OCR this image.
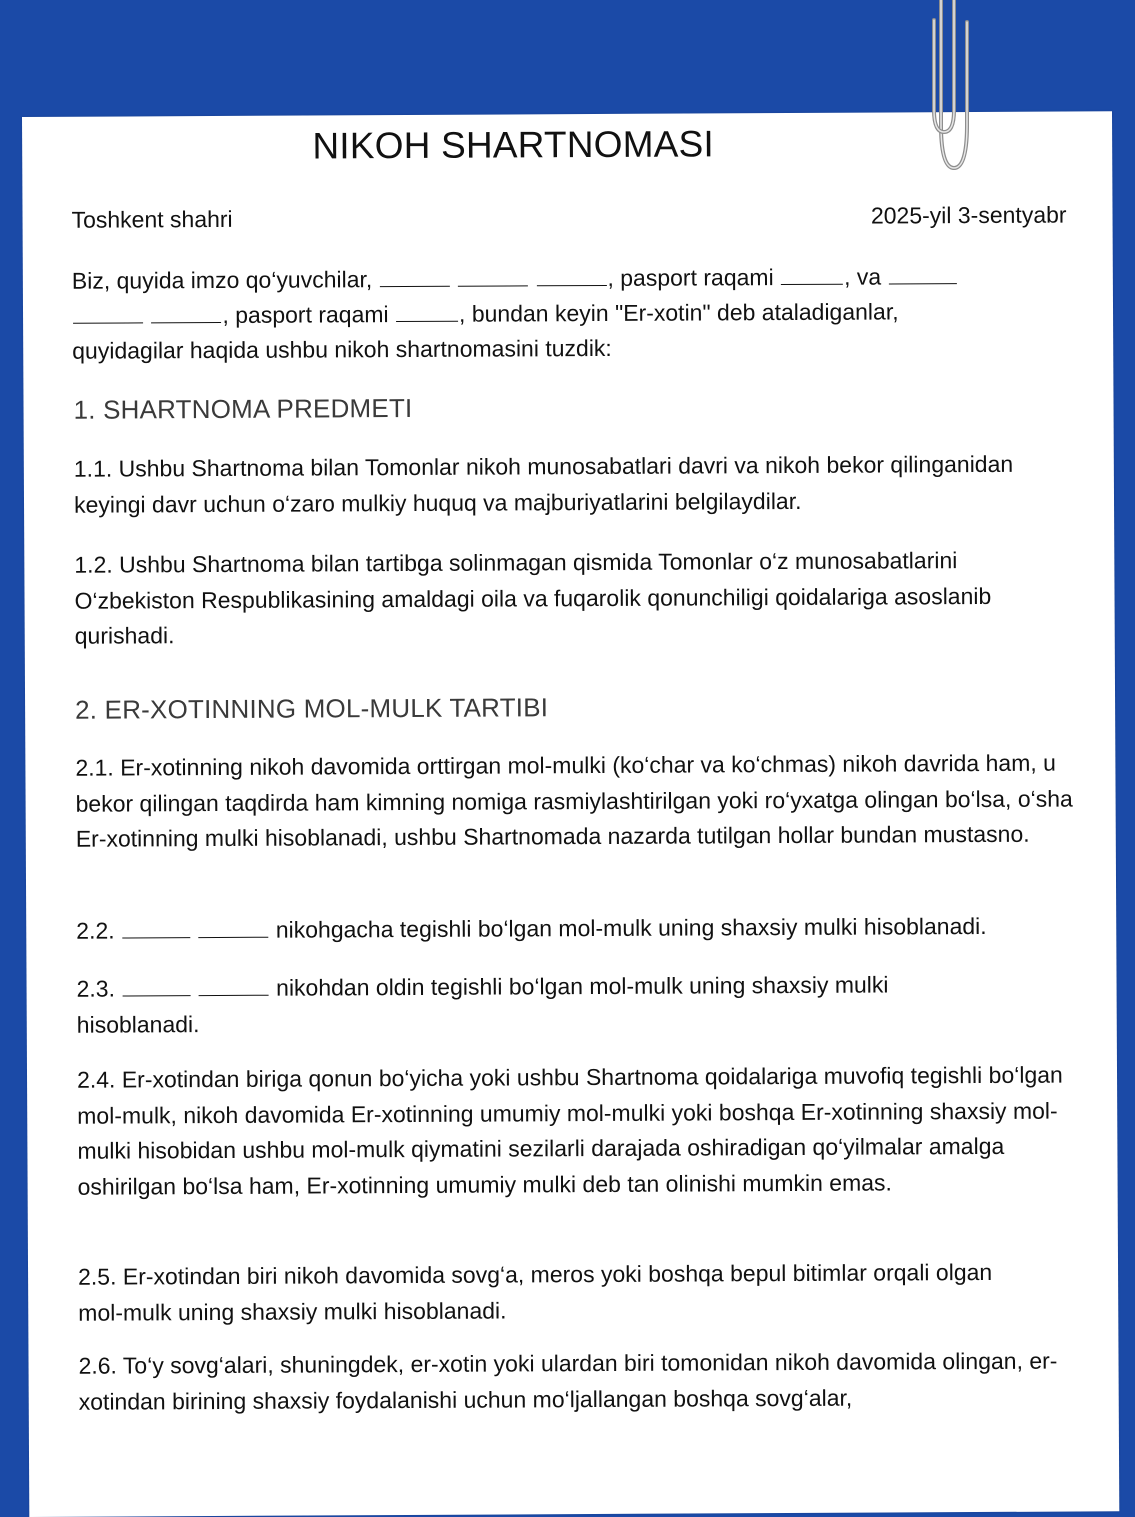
NIKOH SHARTNOMASI
Toshkent shahri	2025-yil 3-sentyabr
Biz, quyida imzo qo‘yuvchilar,	, pasport raqami	, va
, pasport raqami	, bundan keyin "Er-xotin" deb ataladiganlar,
quyidagilar haqida ushbu nikoh shartnomasini tuzdik:
1. SHARTNOMA PREDMETI
1.1. Ushbu Shartnoma bilan Tomonlar nikoh munosabatlari davri va nikoh bekor qilinganidan keyingi davr uchun o‘zaro mulkiy huquq va majburiyatlarini belgilaydilar.
1.2. Ushbu Shartnoma bilan tartibga solinmagan qismida Tomonlar o‘z munosabatlarini O‘zbekiston Respublikasining amaldagi oila va fuqarolik qonunchiligi qoidalariga asoslanib qurishadi.
2. ER-XOTINNING MOL-MULK TARTIBI
2.1. Er-xotinning nikoh davomida orttirgan mol-mulki (ko‘char va ko‘chmas) nikoh davrida ham, u bekor qilingan taqdirda ham kimning nomiga rasmiylashtirilgan yoki ro‘yxatga olingan bo‘lsa, o‘sha Er-xotinning mulki hisoblanadi, ushbu Shartnomada nazarda tutilgan hollar bundan mustasno.
2.2.	nikohgacha tegishli bo‘lgan mol-mulk uning shaxsiy mulki hisoblanadi.
2.3.	nikohdan oldin tegishli bo‘lgan mol-mulk uning shaxsiy mulki hisoblanadi.
2.4. Er-xotindan biriga qonun bo‘yicha yoki ushbu Shartnoma qoidalariga muvofiq tegishli bo‘lgan mol-mulk, nikoh davomida Er-xotinning umumiy mol-mulki yoki boshqa Er-xotinning shaxsiy mol-mulki hisobidan ushbu mol-mulk qiymatini sezilarli darajada oshiradigan qo‘yilmalar amalga oshirilgan bo‘lsa ham, Er-xotinning umumiy mulki deb tan olinishi mumkin emas.
2.5. Er-xotindan biri nikoh davomida sovg‘a, meros yoki boshqa bepul bitimlar orqali olgan mol-mulk uning shaxsiy mulki hisoblanadi.
2.6. To‘y sovg‘alari, shuningdek, er-xotin yoki ulardan biri tomonidan nikoh davomida olingan, er-xotindan birining shaxsiy foydalanishi uchun mo‘ljallangan boshqa sovg‘alar,
